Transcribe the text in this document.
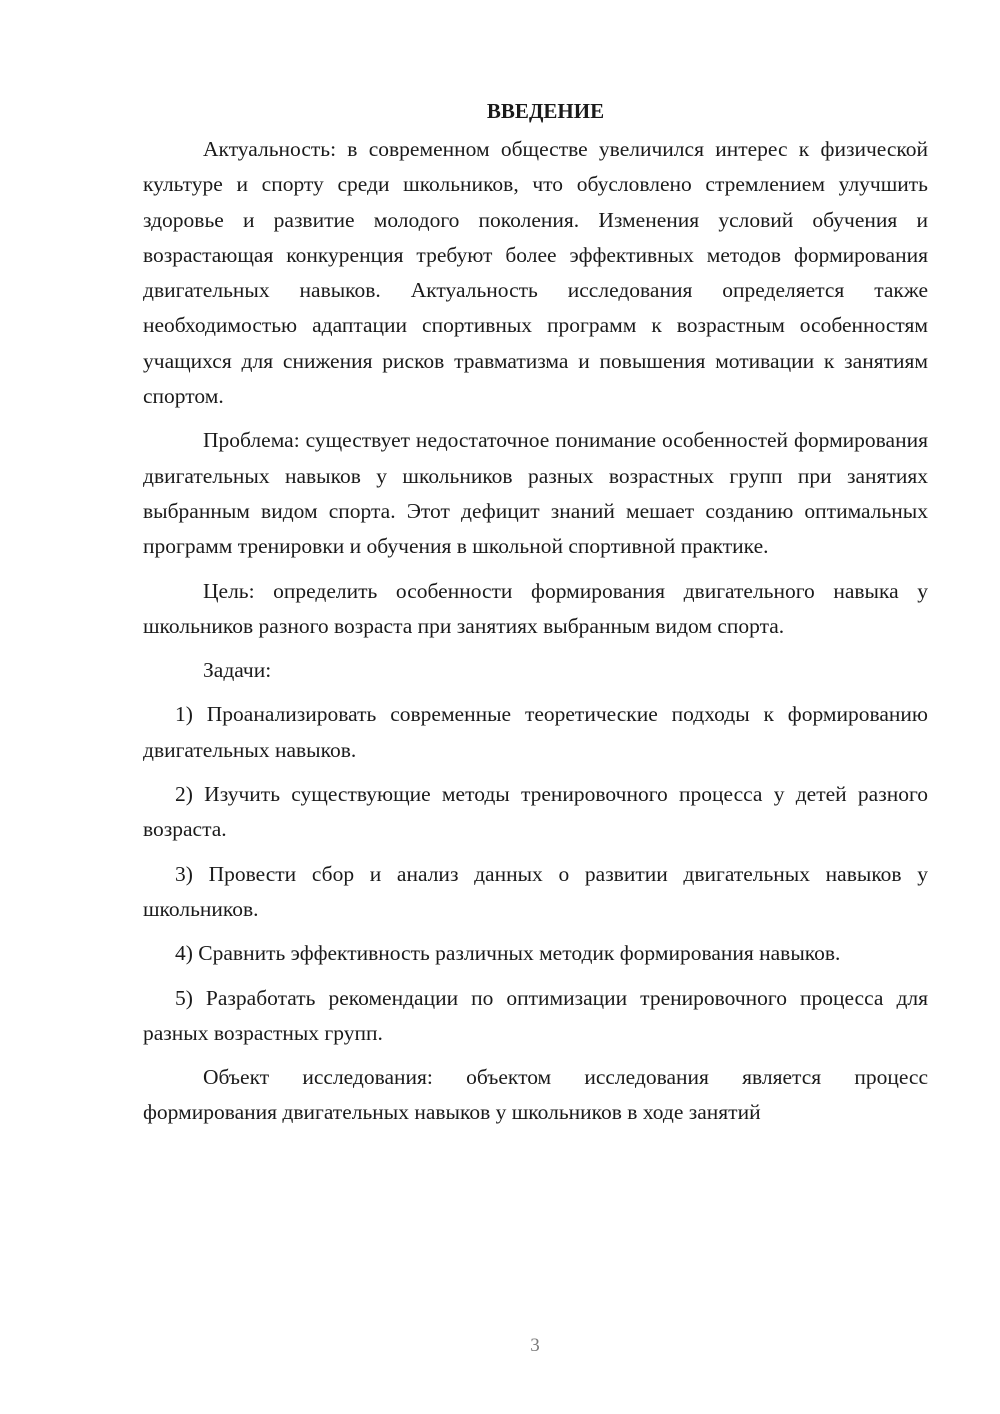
ВВЕДЕНИЕ

Актуальность: в современном обществе увеличился интерес к физической культуре и спорту среди школьников, что обусловлено стремлением улучшить здоровье и развитие молодого поколения. Изменения условий обучения и возрастающая конкуренция требуют более эффективных методов формирования двигательных навыков. Актуальность исследования определяется также необходимостью адаптации спортивных программ к возрастным особенностям учащихся для снижения рисков травматизма и повышения мотивации к занятиям спортом.

Проблема: существует недостаточное понимание особенностей формирования двигательных навыков у школьников разных возрастных групп при занятиях выбранным видом спорта. Этот дефицит знаний мешает созданию оптимальных программ тренировки и обучения в школьной спортивной практике.

Цель: определить особенности формирования двигательного навыка у школьников разного возраста при занятиях выбранным видом спорта.

Задачи:

1) Проанализировать современные теоретические подходы к формированию двигательных навыков.

2) Изучить существующие методы тренировочного процесса у детей разного возраста.

3) Провести сбор и анализ данных о развитии двигательных навыков у школьников.

4) Сравнить эффективность различных методик формирования навыков.

5) Разработать рекомендации по оптимизации тренировочного процесса для разных возрастных групп.

Объект исследования: объектом исследования является процесс формирования двигательных навыков у школьников в ходе занятий

3
